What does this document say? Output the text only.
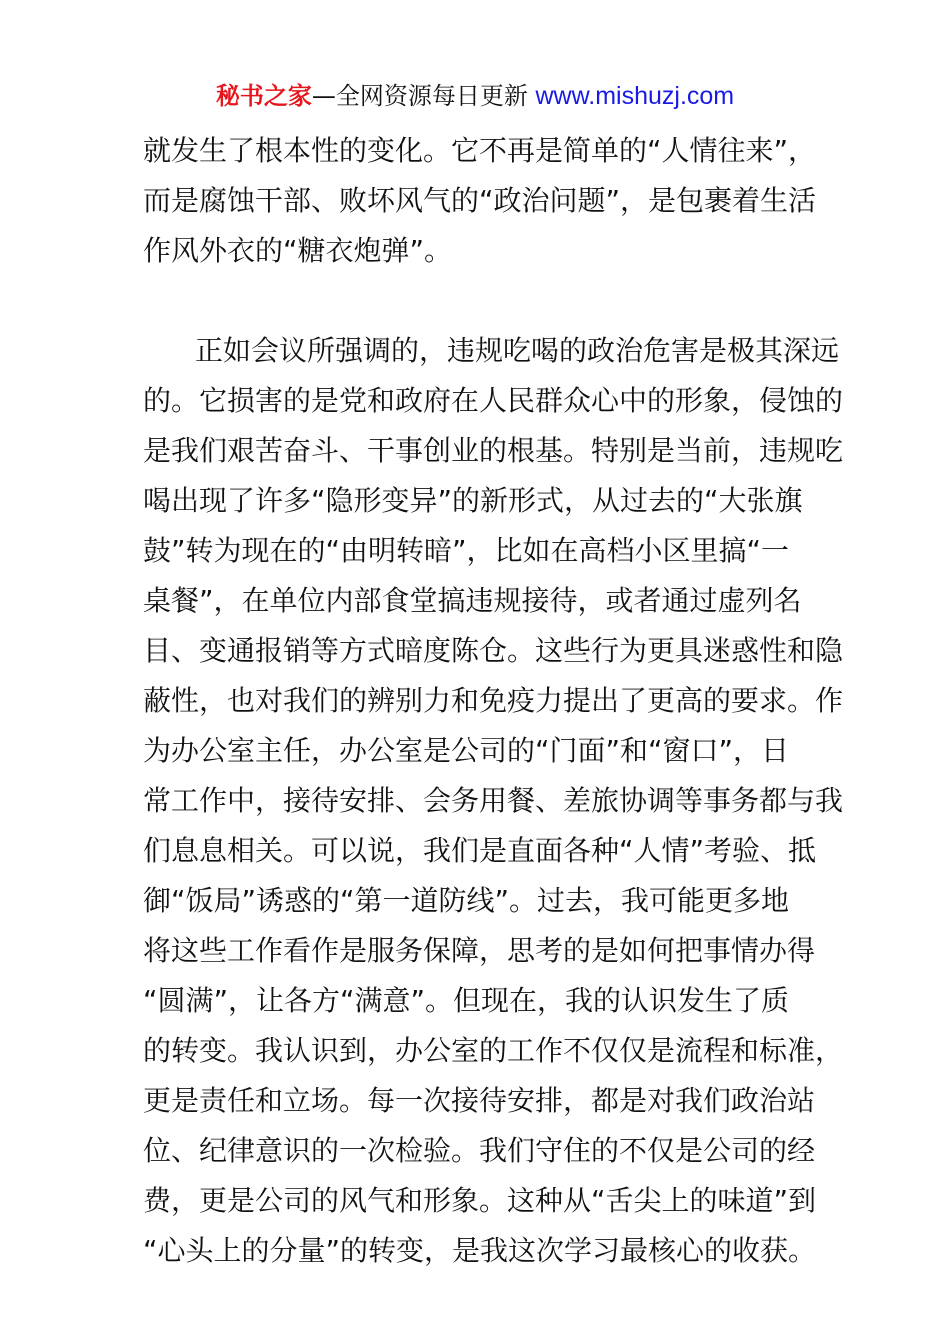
秘书之家—全网资源每日更新 www.mishuzj.com
就发生了根本性的变化。它不再是简单的“人情往来”，
而是腐蚀干部、败坏风气的“政治问题”，是包裹着生活
作风外衣的“糖衣炮弹”。
正如会议所强调的，违规吃喝的政治危害是极其深远
的。它损害的是党和政府在人民群众心中的形象，侵蚀的
是我们艰苦奋斗、干事创业的根基。特别是当前，违规吃
喝出现了许多“隐形变异”的新形式，从过去的“大张旗
鼓”转为现在的“由明转暗”，比如在高档小区里搞“一
桌餐”，在单位内部食堂搞违规接待，或者通过虚列名
目、变通报销等方式暗度陈仓。这些行为更具迷惑性和隐
蔽性，也对我们的辨别力和免疫力提出了更高的要求。作
为办公室主任，办公室是公司的“门面”和“窗口”，日
常工作中，接待安排、会务用餐、差旅协调等事务都与我
们息息相关。可以说，我们是直面各种“人情”考验、抵
御“饭局”诱惑的“第一道防线”。过去，我可能更多地
将这些工作看作是服务保障，思考的是如何把事情办得
“圆满”，让各方“满意”。但现在，我的认识发生了质
的转变。我认识到，办公室的工作不仅仅是流程和标准，
更是责任和立场。每一次接待安排，都是对我们政治站
位、纪律意识的一次检验。我们守住的不仅是公司的经
费，更是公司的风气和形象。这种从“舌尖上的味道”到
“心头上的分量”的转变，是我这次学习最核心的收获。
